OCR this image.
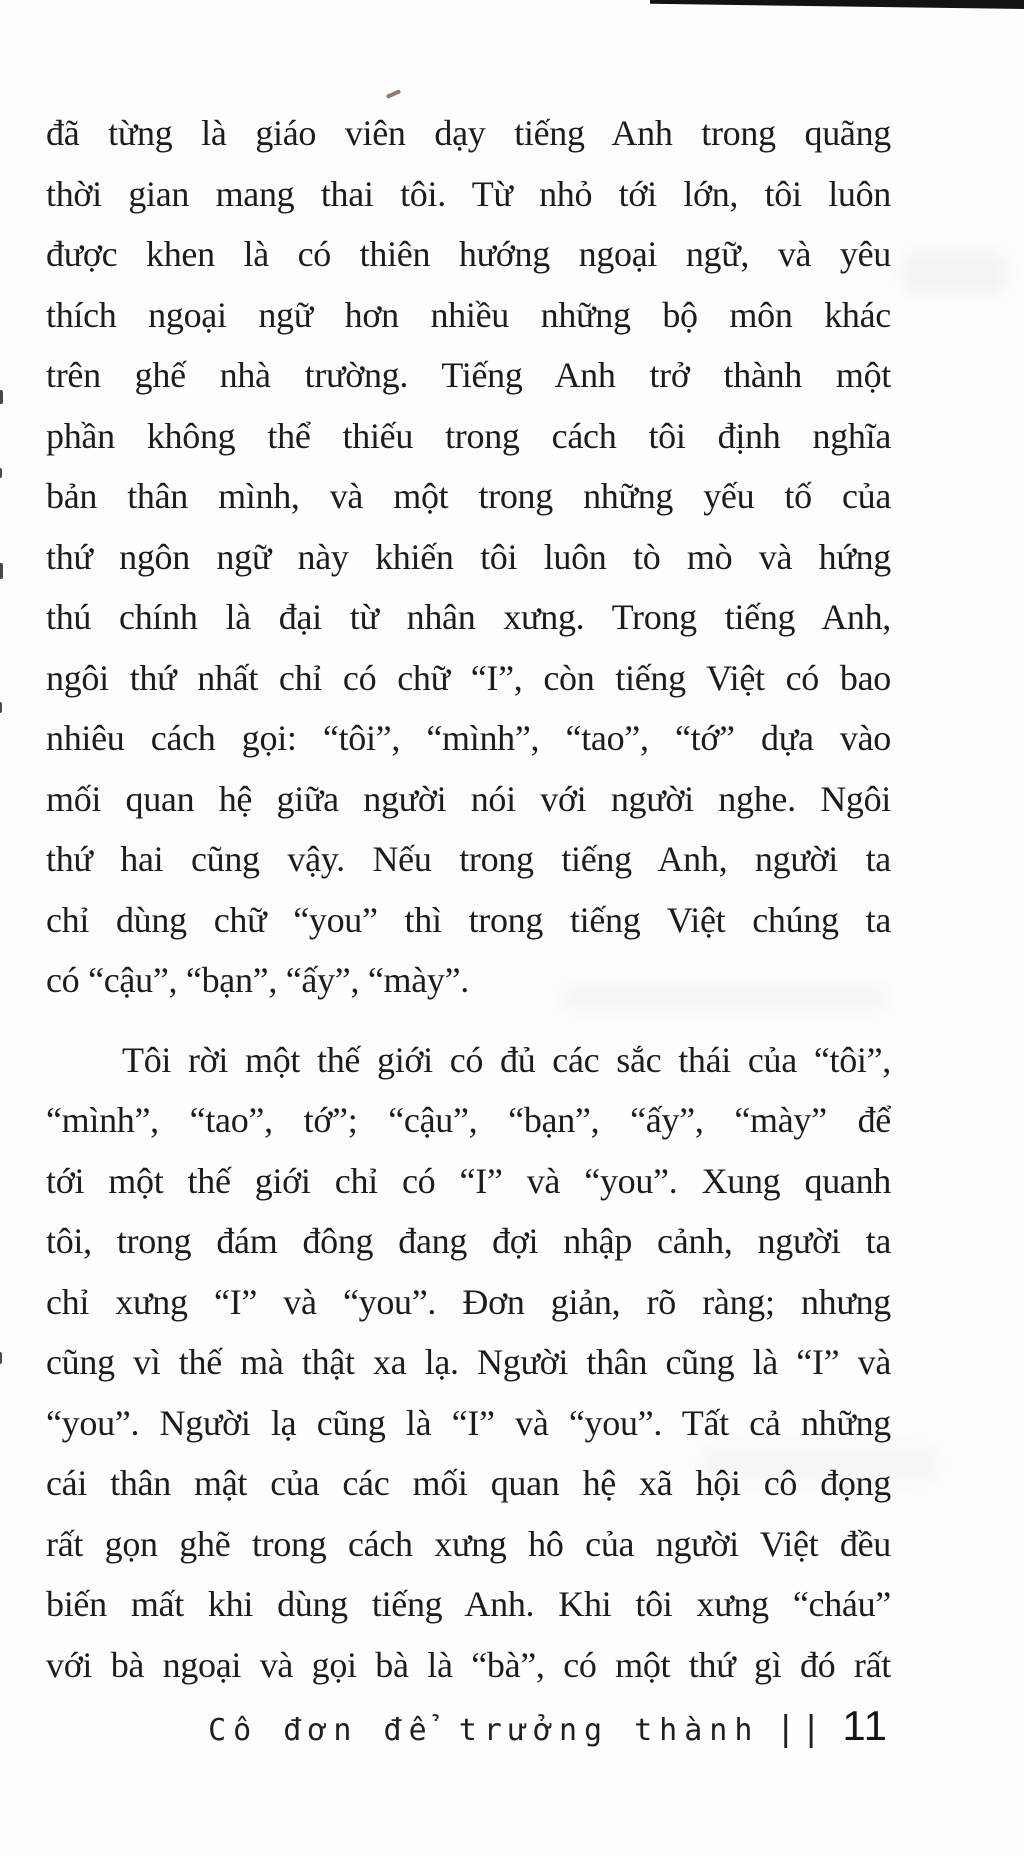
đã từng là giáo viên dạy tiếng Anh trong quãng
thời gian mang thai tôi. Từ nhỏ tới lớn, tôi luôn
được khen là có thiên hướng ngoại ngữ, và yêu
thích ngoại ngữ hơn nhiều những bộ môn khác
trên ghế nhà trường. Tiếng Anh trở thành một
phần không thể thiếu trong cách tôi định nghĩa
bản thân mình, và một trong những yếu tố của
thứ ngôn ngữ này khiến tôi luôn tò mò và hứng
thú chính là đại từ nhân xưng. Trong tiếng Anh,
ngôi thứ nhất chỉ có chữ “I”, còn tiếng Việt có bao
nhiêu cách gọi: “tôi”, “mình”, “tao”, “tớ” dựa vào
mối quan hệ giữa người nói với người nghe. Ngôi
thứ hai cũng vậy. Nếu trong tiếng Anh, người ta
chỉ dùng chữ “you” thì trong tiếng Việt chúng ta
có “cậu”, “bạn”, “ấy”, “mày”.
Tôi rời một thế giới có đủ các sắc thái của “tôi”,
“mình”, “tao”, tớ”; “cậu”, “bạn”, “ấy”, “mày” để
tới một thế giới chỉ có “I” và “you”. Xung quanh
tôi, trong đám đông đang đợi nhập cảnh, người ta
chỉ xưng “I” và “you”. Đơn giản, rõ ràng; nhưng
cũng vì thế mà thật xa lạ. Người thân cũng là “I” và
“you”. Người lạ cũng là “I” và “you”. Tất cả những
cái thân mật của các mối quan hệ xã hội cô đọng
rất gọn ghẽ trong cách xưng hô của người Việt đều
biến mất khi dùng tiếng Anh. Khi tôi xưng “cháu”
với bà ngoại và gọi bà là “bà”, có một thứ gì đó rất
Cô đơn để trưởng thành || 11
